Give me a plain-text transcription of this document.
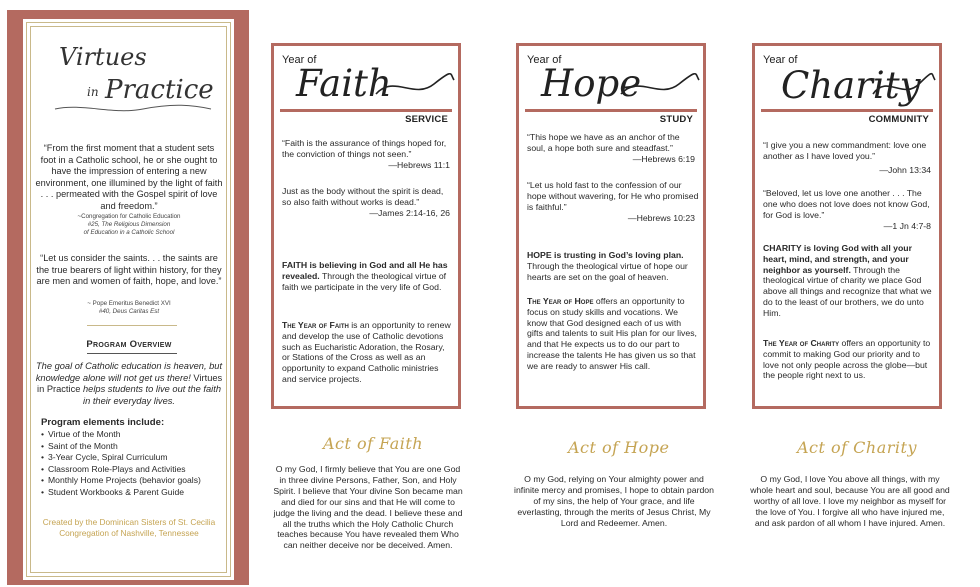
Virtues
in Practice
“From the first moment that a student sets foot in a Catholic school, he or she ought to have the impression of entering a new environment, one illumined by the light of faith . . . permeated with the Gospel spirit of love and freedom.”
~Congregation for Catholic Education
#25, The Religious Dimension
of Education in a Catholic School
“Let us consider the saints. . . the saints are the true bearers of light within history, for they are men and women of faith, hope, and love.”
~ Pope Emeritus Benedict XVI
#40, Deus Caritas Est
Program Overview
The goal of Catholic education is heaven, but knowledge alone will not get us there! Virtues in Practice helps students to live out the faith in their everyday lives.
Program elements include:
• Virtue of the Month
• Saint of the Month
• 3-Year Cycle, Spiral Curriculum
• Classroom Role-Plays and Activities
• Monthly Home Projects (behavior goals)
• Student Workbooks & Parent Guide
Created by the Dominican Sisters of St. Cecilia Congregation of Nashville, Tennessee
Year of
Faith
SERVICE
“Faith is the assurance of things hoped for, the conviction of things not seen.”
—Hebrews 11:1
Just as the body without the spirit is dead, so also faith without works is dead.”
—James 2:14-16, 26
FAITH is believing in God and all He has revealed. Through the theological virtue of faith we participate in the very life of God.
The Year of Faith is an opportunity to renew and develop the use of Catholic devotions such as Eucharistic Adoration, the Rosary, or Stations of the Cross as well as an opportunity to expand Catholic ministries and service projects.
Year of
Hope
STUDY
“This hope we have as an anchor of the soul, a hope both sure and steadfast.”
—Hebrews 6:19
“Let us hold fast to the confession of our hope without wavering, for He who promised is faithful.”
—Hebrews 10:23
HOPE is trusting in God’s loving plan. Through the theological virtue of hope our hearts are set on the goal of heaven.
The Year of Hope offers an opportunity to focus on study skills and vocations. We know that God designed each of us with gifts and talents to suit His plan for our lives, and that He expects us to do our part to increase the talents He has given us so that we are ready to answer His call.
Year of
Charity
COMMUNITY
“I give you a new commandment: love one another as I have loved you.”
—John 13:34
“Beloved, let us love one another . . . The one who does not love does not know God, for God is love.”
—1 Jn 4:7-8
CHARITY is loving God with all your heart, mind, and strength, and your neighbor as yourself. Through the theological virtue of charity we place God above all things and recognize that what we do to the least of our brothers, we do unto Him.
The Year of Charity offers an opportunity to commit to making God our priority and to love not only people across the globe—but the people right next to us.
Act of Faith
O my God, I firmly believe that You are one God in three divine Persons, Father, Son, and Holy Spirit. I believe that Your divine Son became man and died for our sins and that He will come to judge the living and the dead. I believe these and all the truths which the Holy Catholic Church teaches because You have revealed them Who can neither deceive nor be deceived. Amen.
Act of Hope
O my God, relying on Your almighty power and infinite mercy and promises, I hope to obtain pardon of my sins, the help of Your grace, and life everlasting, through the merits of Jesus Christ, My Lord and Redeemer. Amen.
Act of Charity
O my God, I love You above all things, with my whole heart and soul, because You are all good and worthy of all love. I love my neighbor as myself for the love of You. I forgive all who have injured me, and ask pardon of all whom I have injured. Amen.
